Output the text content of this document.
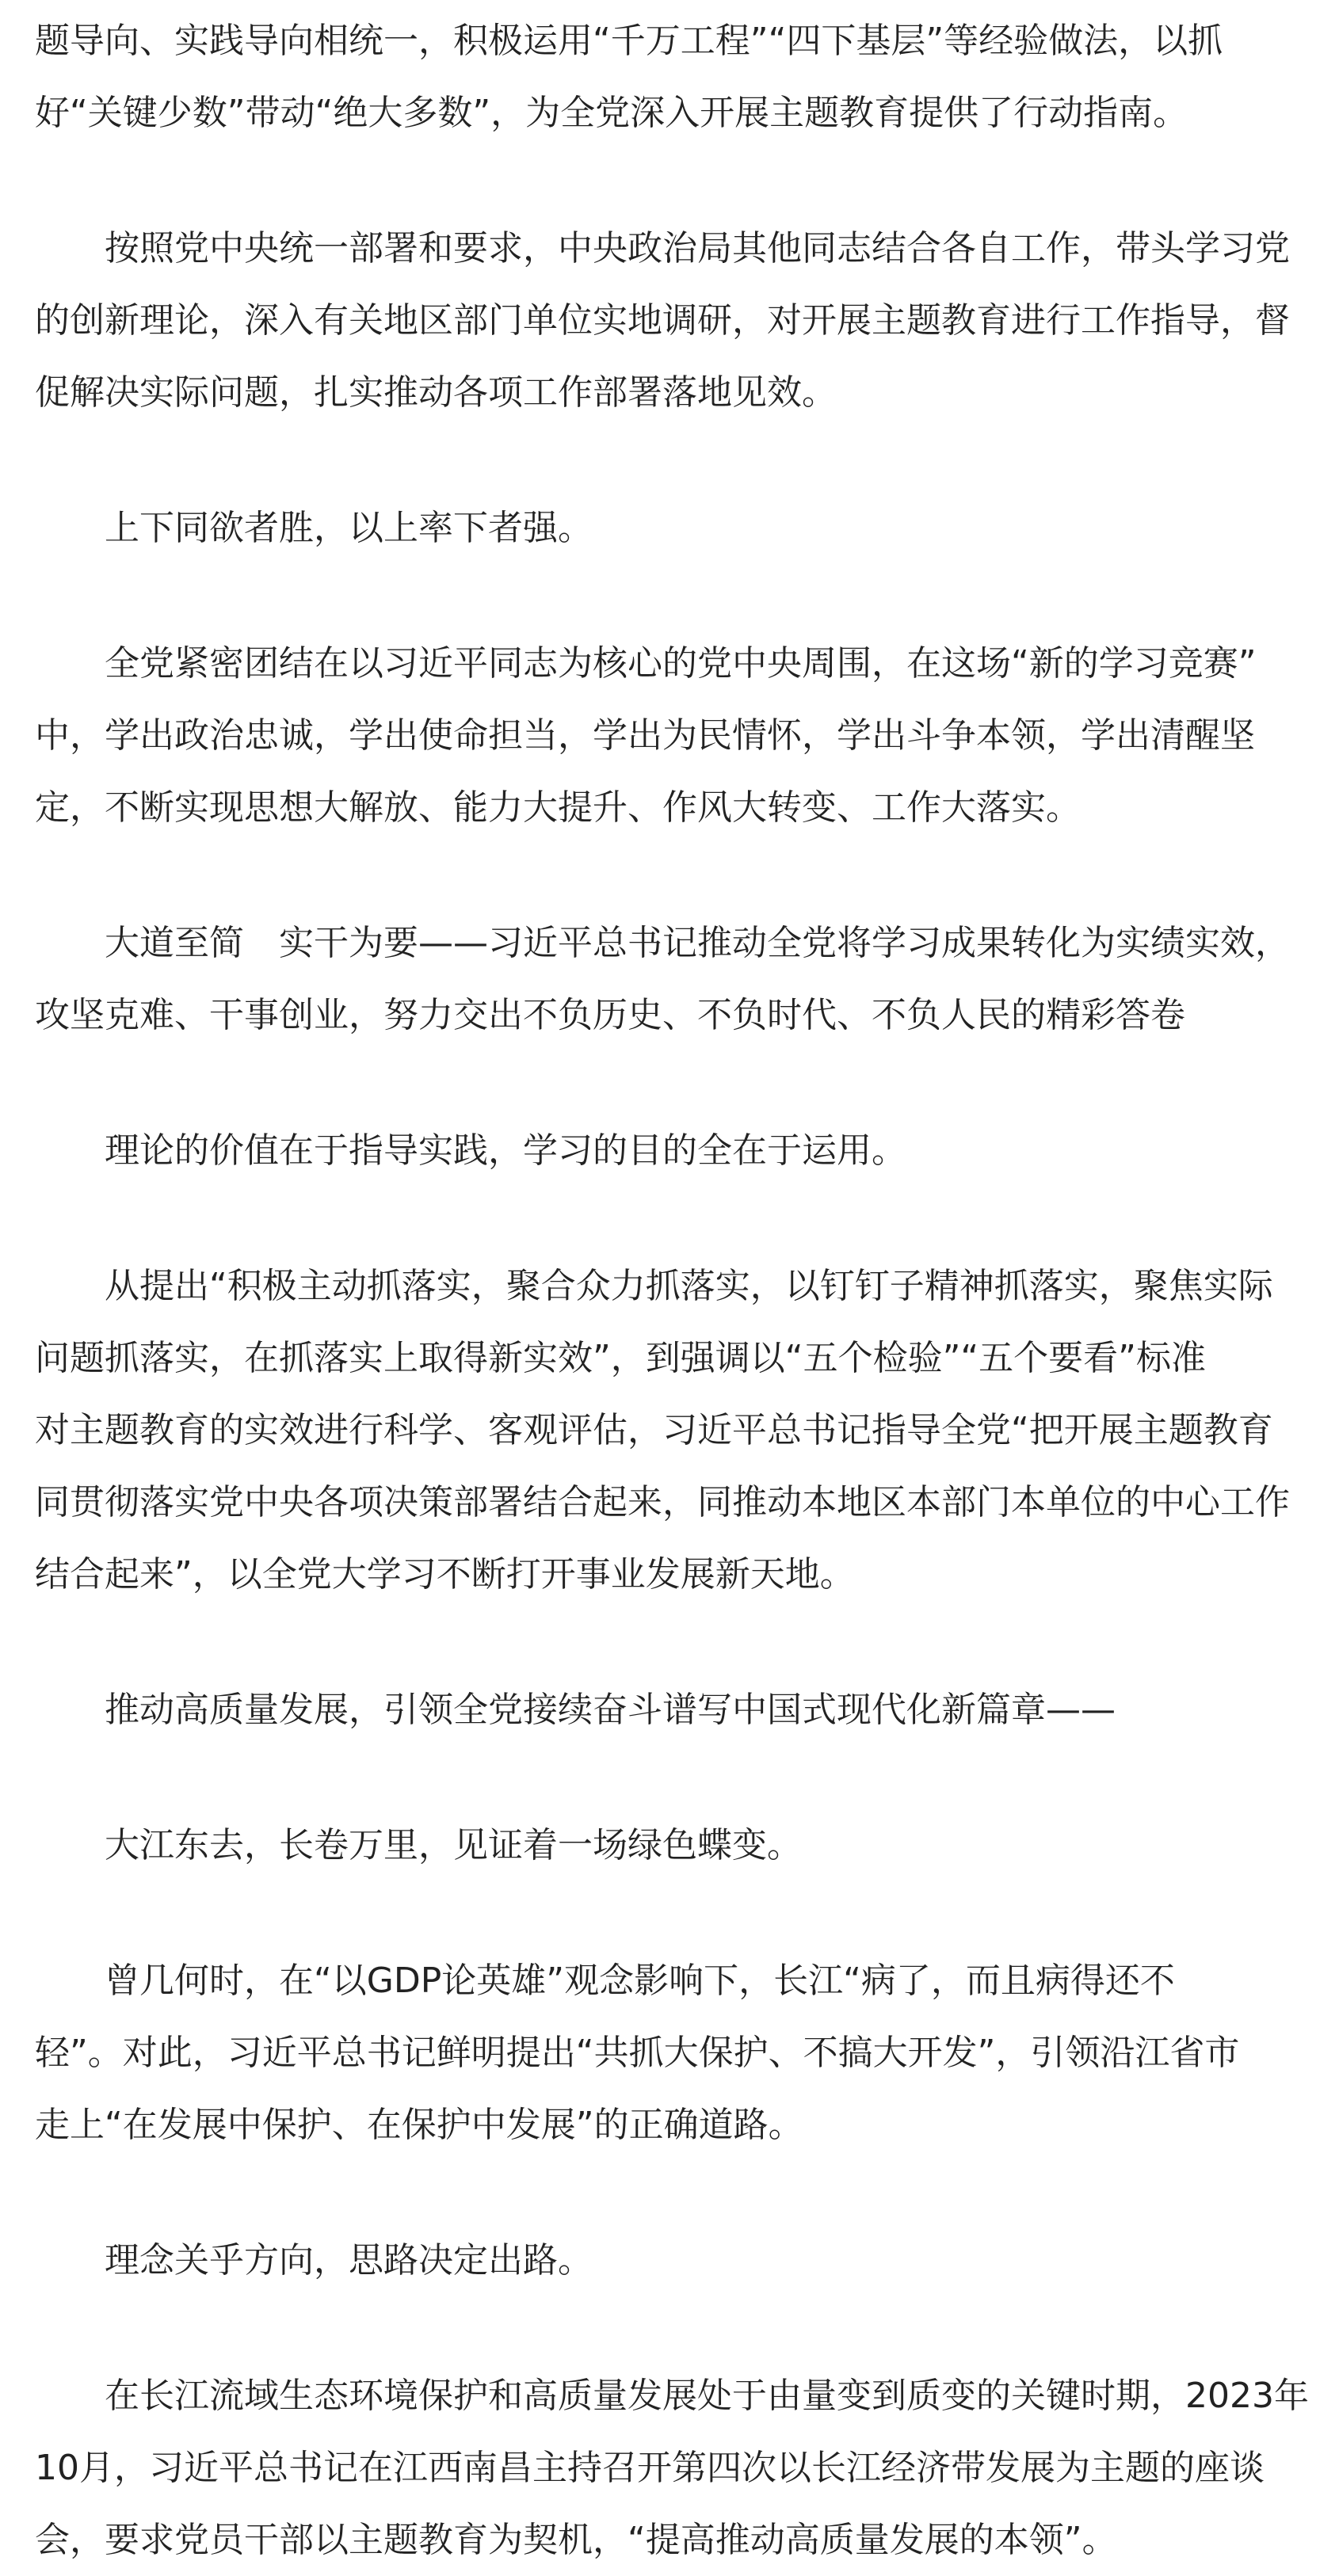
题导向、实践导向相统一，积极运用“千万工程”“四下基层”等经验做法，以抓
好“关键少数”带动“绝大多数”，为全党深入开展主题教育提供了行动指南。

按照党中央统一部署和要求，中央政治局其他同志结合各自工作，带头学习党
的创新理论，深入有关地区部门单位实地调研，对开展主题教育进行工作指导，督
促解决实际问题，扎实推动各项工作部署落地见效。

上下同欲者胜，以上率下者强。

全党紧密团结在以习近平同志为核心的党中央周围，在这场“新的学习竞赛”
中，学出政治忠诚，学出使命担当，学出为民情怀，学出斗争本领，学出清醒坚
定，不断实现思想大解放、能力大提升、作风大转变、工作大落实。

大道至简　实干为要——习近平总书记推动全党将学习成果转化为实绩实效，
攻坚克难、干事创业，努力交出不负历史、不负时代、不负人民的精彩答卷

理论的价值在于指导实践，学习的目的全在于运用。

从提出“积极主动抓落实，聚合众力抓落实，以钉钉子精神抓落实，聚焦实际
问题抓落实，在抓落实上取得新实效”，到强调以“五个检验”“五个要看”标准
对主题教育的实效进行科学、客观评估，习近平总书记指导全党“把开展主题教育
同贯彻落实党中央各项决策部署结合起来，同推动本地区本部门本单位的中心工作
结合起来”，以全党大学习不断打开事业发展新天地。

推动高质量发展，引领全党接续奋斗谱写中国式现代化新篇章——

大江东去，长卷万里，见证着一场绿色蝶变。

曾几何时，在“以GDP论英雄”观念影响下，长江“病了，而且病得还不
轻”。对此，习近平总书记鲜明提出“共抓大保护、不搞大开发”，引领沿江省市
走上“在发展中保护、在保护中发展”的正确道路。

理念关乎方向，思路决定出路。

在长江流域生态环境保护和高质量发展处于由量变到质变的关键时期，2023年
10月，习近平总书记在江西南昌主持召开第四次以长江经济带发展为主题的座谈
会，要求党员干部以主题教育为契机，“提高推动高质量发展的本领”。
